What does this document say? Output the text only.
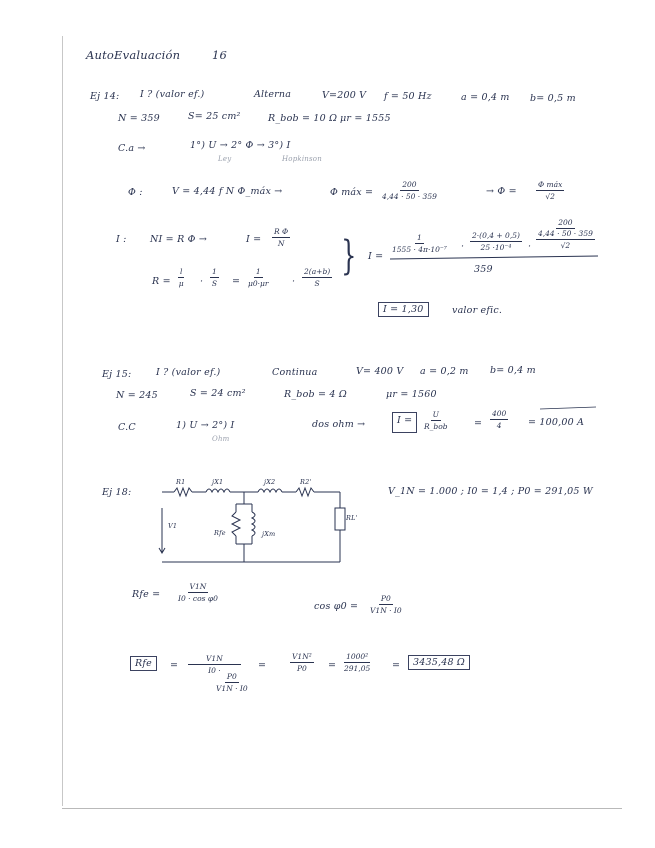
AutoEvaluación	16
Ej 14: I ? (valor ef.)	Alterna	V=200 V f = 50 Hz	a = 0,4 m b= 0,5 m
N = 359	S= 25 cm²	R_bob = 10 Ω μr = 1555
C.a →	1°) U → 2° Φ → 3°) I
Ley	Hopkinson
Φ :	V = 4,44 f N Φ_máx →	Φ máx = $\frac{200}{4,44 \cdot 50 \cdot 359}$	→ Φ =
Φ máx
√2
I : NI = R Φ →	$I = \frac{\text{R Φ}}{N}$
$R = \frac{l}{\mu} \cdot \frac{1}{S} = \frac{1}{\mu 0\cdot\mu r} \cdot \frac{2(a+b)}{S}$ } I =
$\frac{1}{\text{1555 · 4π·10⁻⁷}} \cdot \frac{2\cdot(0,4 + 0,5)}{\text{25 ·10⁻⁴}}$ ·
200
4,44 · 50 · 359
√2
359
I = 1,30	valor efic.
Ej 15:	I ? (valor ef.)	Continua	V= 400 V a = 0,2 m b= 0,4 m
N = 245	S = 24 cm²	R_bob = 4 Ω	μr = 1560
C.C	1) U → 2°) I
Ohm
dos ohm →	I =
U
R_bob	= $\frac{400}{4} = 100,00$ A
Ej 18:	V_1N = 1.000 ; I0 = 1,4 ; P0 = 291,05 W
R1	jX1	jX2	R2'
RL'
V1
Rfe	jXm
Rfe = $\frac{V1N}{\text{I0 · cos φ0}}$
$\cos \varphi 0 = \frac{P0}{V1N \cdot I0}$
Rfe	= $\frac{V1N}{I0 \cdot}$
$\frac{P0}{V1N \cdot I0}$
=	$\frac{\text{V1N²}}{P0} = \frac{\text{1000²}}{291,05}$ =	3435,48 Ω
